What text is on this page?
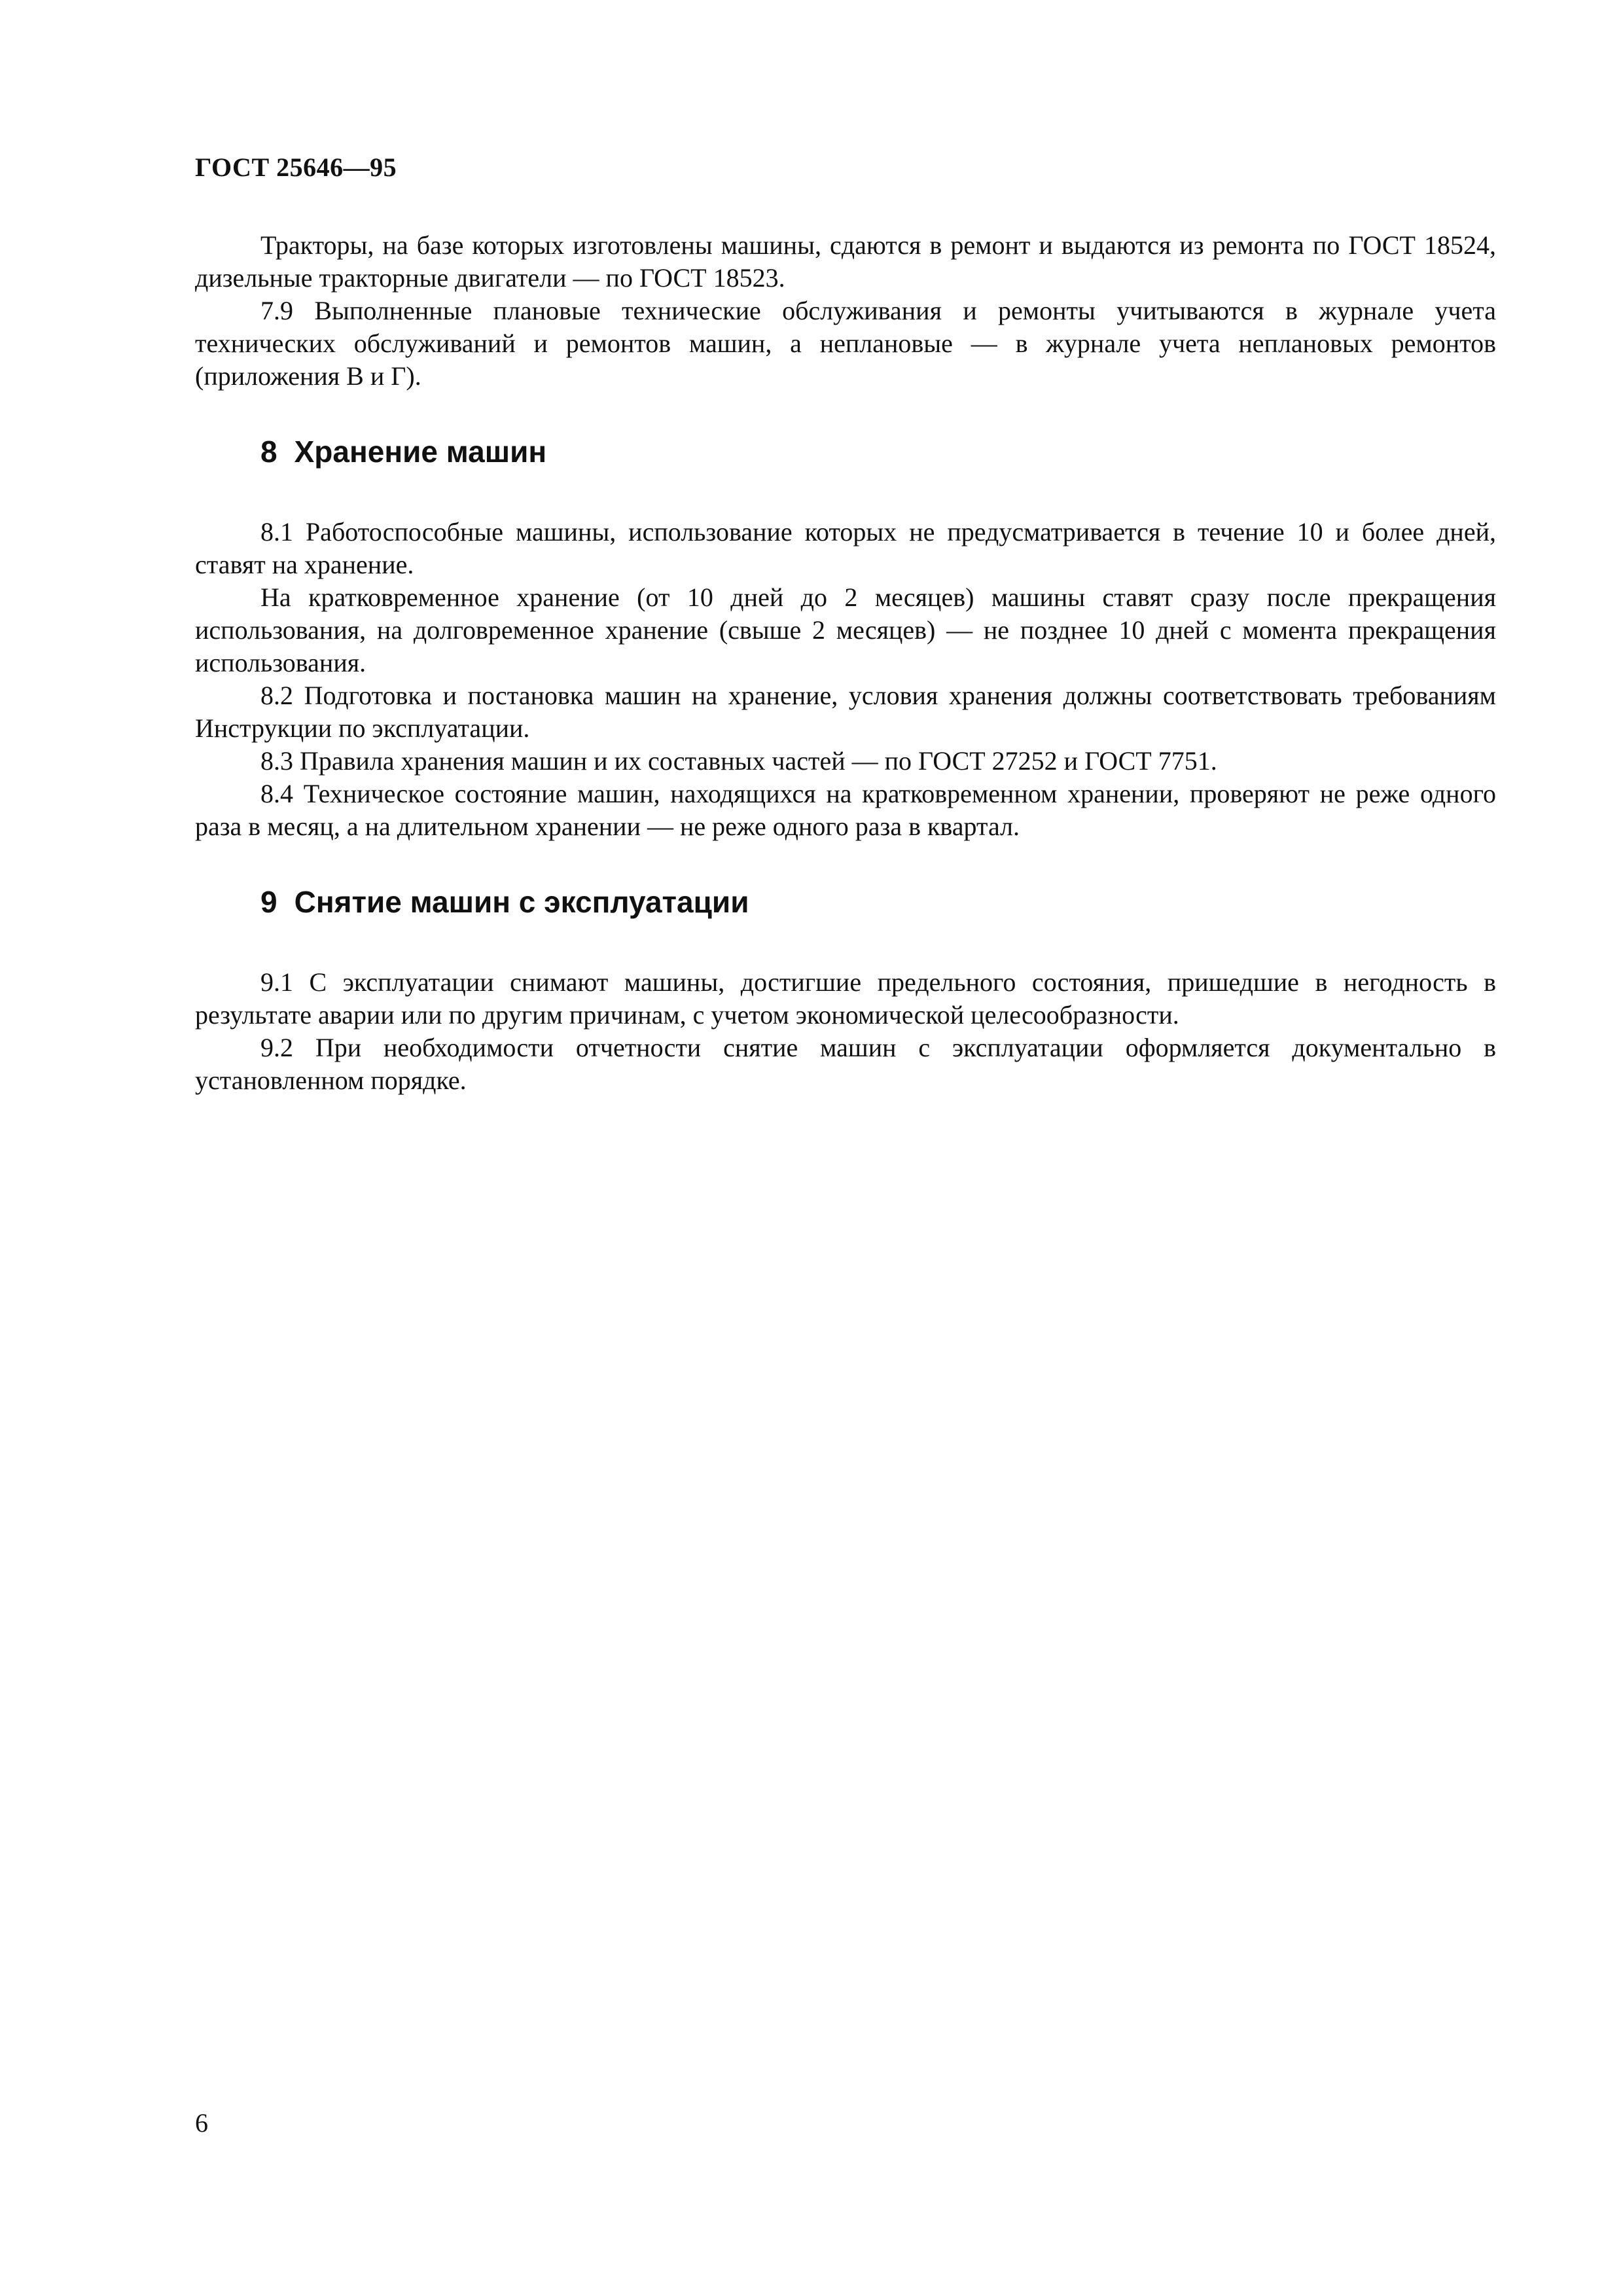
ГОСТ 25646—95

Тракторы, на базе которых изготовлены машины, сдаются в ремонт и выдаются из ремонта по ГОСТ 18524, дизельные тракторные двигатели — по ГОСТ 18523.

7.9 Выполненные плановые технические обслуживания и ремонты учитываются в журнале учета технических обслуживаний и ремонтов машин, а неплановые — в журнале учета неплановых ремонтов (приложения В и Г).

8 Хранение машин

8.1 Работоспособные машины, использование которых не предусматривается в течение 10 и более дней, ставят на хранение.

На кратковременное хранение (от 10 дней до 2 месяцев) машины ставят сразу после прекращения использования, на долговременное хранение (свыше 2 месяцев) — не позднее 10 дней с момента прекращения использования.

8.2 Подготовка и постановка машин на хранение, условия хранения должны соответствовать требованиям Инструкции по эксплуатации.

8.3 Правила хранения машин и их составных частей — по ГОСТ 27252 и ГОСТ 7751.

8.4 Техническое состояние машин, находящихся на кратковременном хранении, проверяют не реже одного раза в месяц, а на длительном хранении — не реже одного раза в квартал.

9 Снятие машин с эксплуатации

9.1 С эксплуатации снимают машины, достигшие предельного состояния, пришедшие в негодность в результате аварии или по другим причинам, с учетом экономической целесообразности.

9.2 При необходимости отчетности снятие машин с эксплуатации оформляется документально в установленном порядке.

6
